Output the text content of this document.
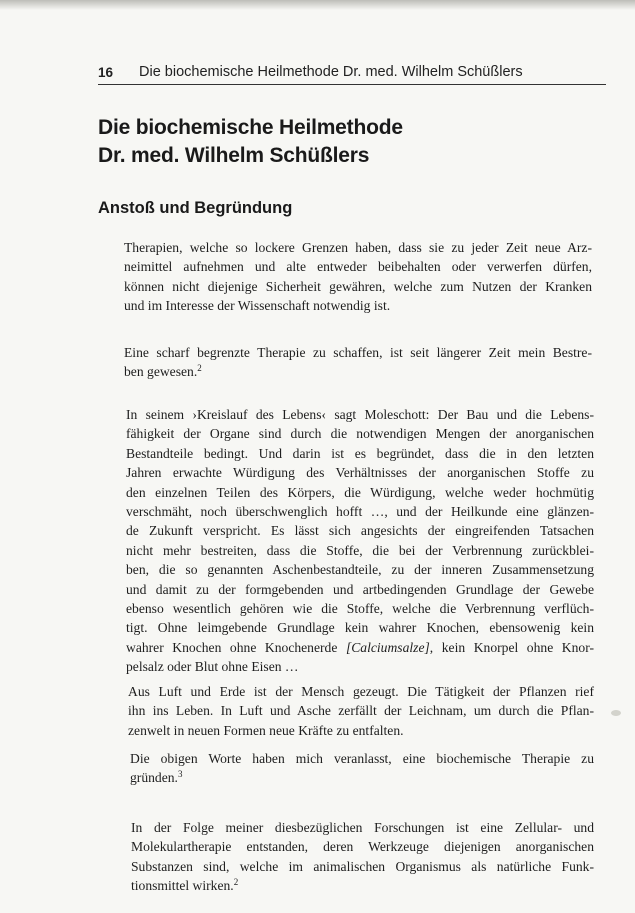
16 Die biochemische Heilmethode Dr. med. Wilhelm Schüßlers
Die biochemische Heilmethode
Dr. med. Wilhelm Schüßlers
Anstoß und Begründung

Therapien, welche so lockere Grenzen haben, dass sie zu jeder Zeit neue Arz-
neimittel aufnehmen und alte entweder beibehalten oder verwerfen dürfen,
können nicht diejenige Sicherheit gewähren, welche zum Nutzen der Kranken
und im Interesse der Wissenschaft notwendig ist.

Eine scharf begrenzte Therapie zu schaffen, ist seit längerer Zeit mein Bestre-
ben gewesen.$^2$

In seinem ›Kreislauf des Lebens‹ sagt Moleschott: Der Bau und die Lebens-
fähigkeit der Organe sind durch die notwendigen Mengen der anorganischen
Bestandteile bedingt. Und darin ist es begründet, dass die in den letzten
Jahren erwachte Würdigung des Verhältnisses der anorganischen Stoffe zu
den einzelnen Teilen des Körpers, die Würdigung, welche weder hochmütig
verschmäht, noch überschwenglich hofft …, und der Heilkunde eine glänzen-
de Zukunft verspricht. Es lässt sich angesichts der eingreifenden Tatsachen
nicht mehr bestreiten, dass die Stoffe, die bei der Verbrennung zurückblei-
ben, die so genannten Aschenbestandteile, zu der inneren Zusammensetzung
und damit zu der formgebenden und artbedingenden Grundlage der Gewebe
ebenso wesentlich gehören wie die Stoffe, welche die Verbrennung verflüch-
tigt. Ohne leimgebende Grundlage kein wahrer Knochen, ebensowenig kein
wahrer Knochen ohne Knochenerde [Calciumsalze], kein Knorpel ohne Knor-
pelsalz oder Blut ohne Eisen …

Aus Luft und Erde ist der Mensch gezeugt. Die Tätigkeit der Pflanzen rief
ihn ins Leben. In Luft und Asche zerfällt der Leichnam, um durch die Pflan-
zenwelt in neuen Formen neue Kräfte zu entfalten.

Die obigen Worte haben mich veranlasst, eine biochemische Therapie zu
gründen.$^3$

In der Folge meiner diesbezüglichen Forschungen ist eine Zellular- und
Molekulartherapie entstanden, deren Werkzeuge diejenigen anorganischen
Substanzen sind, welche im animalischen Organismus als natürliche Funk-
tionsmittel wirken.$^2$
